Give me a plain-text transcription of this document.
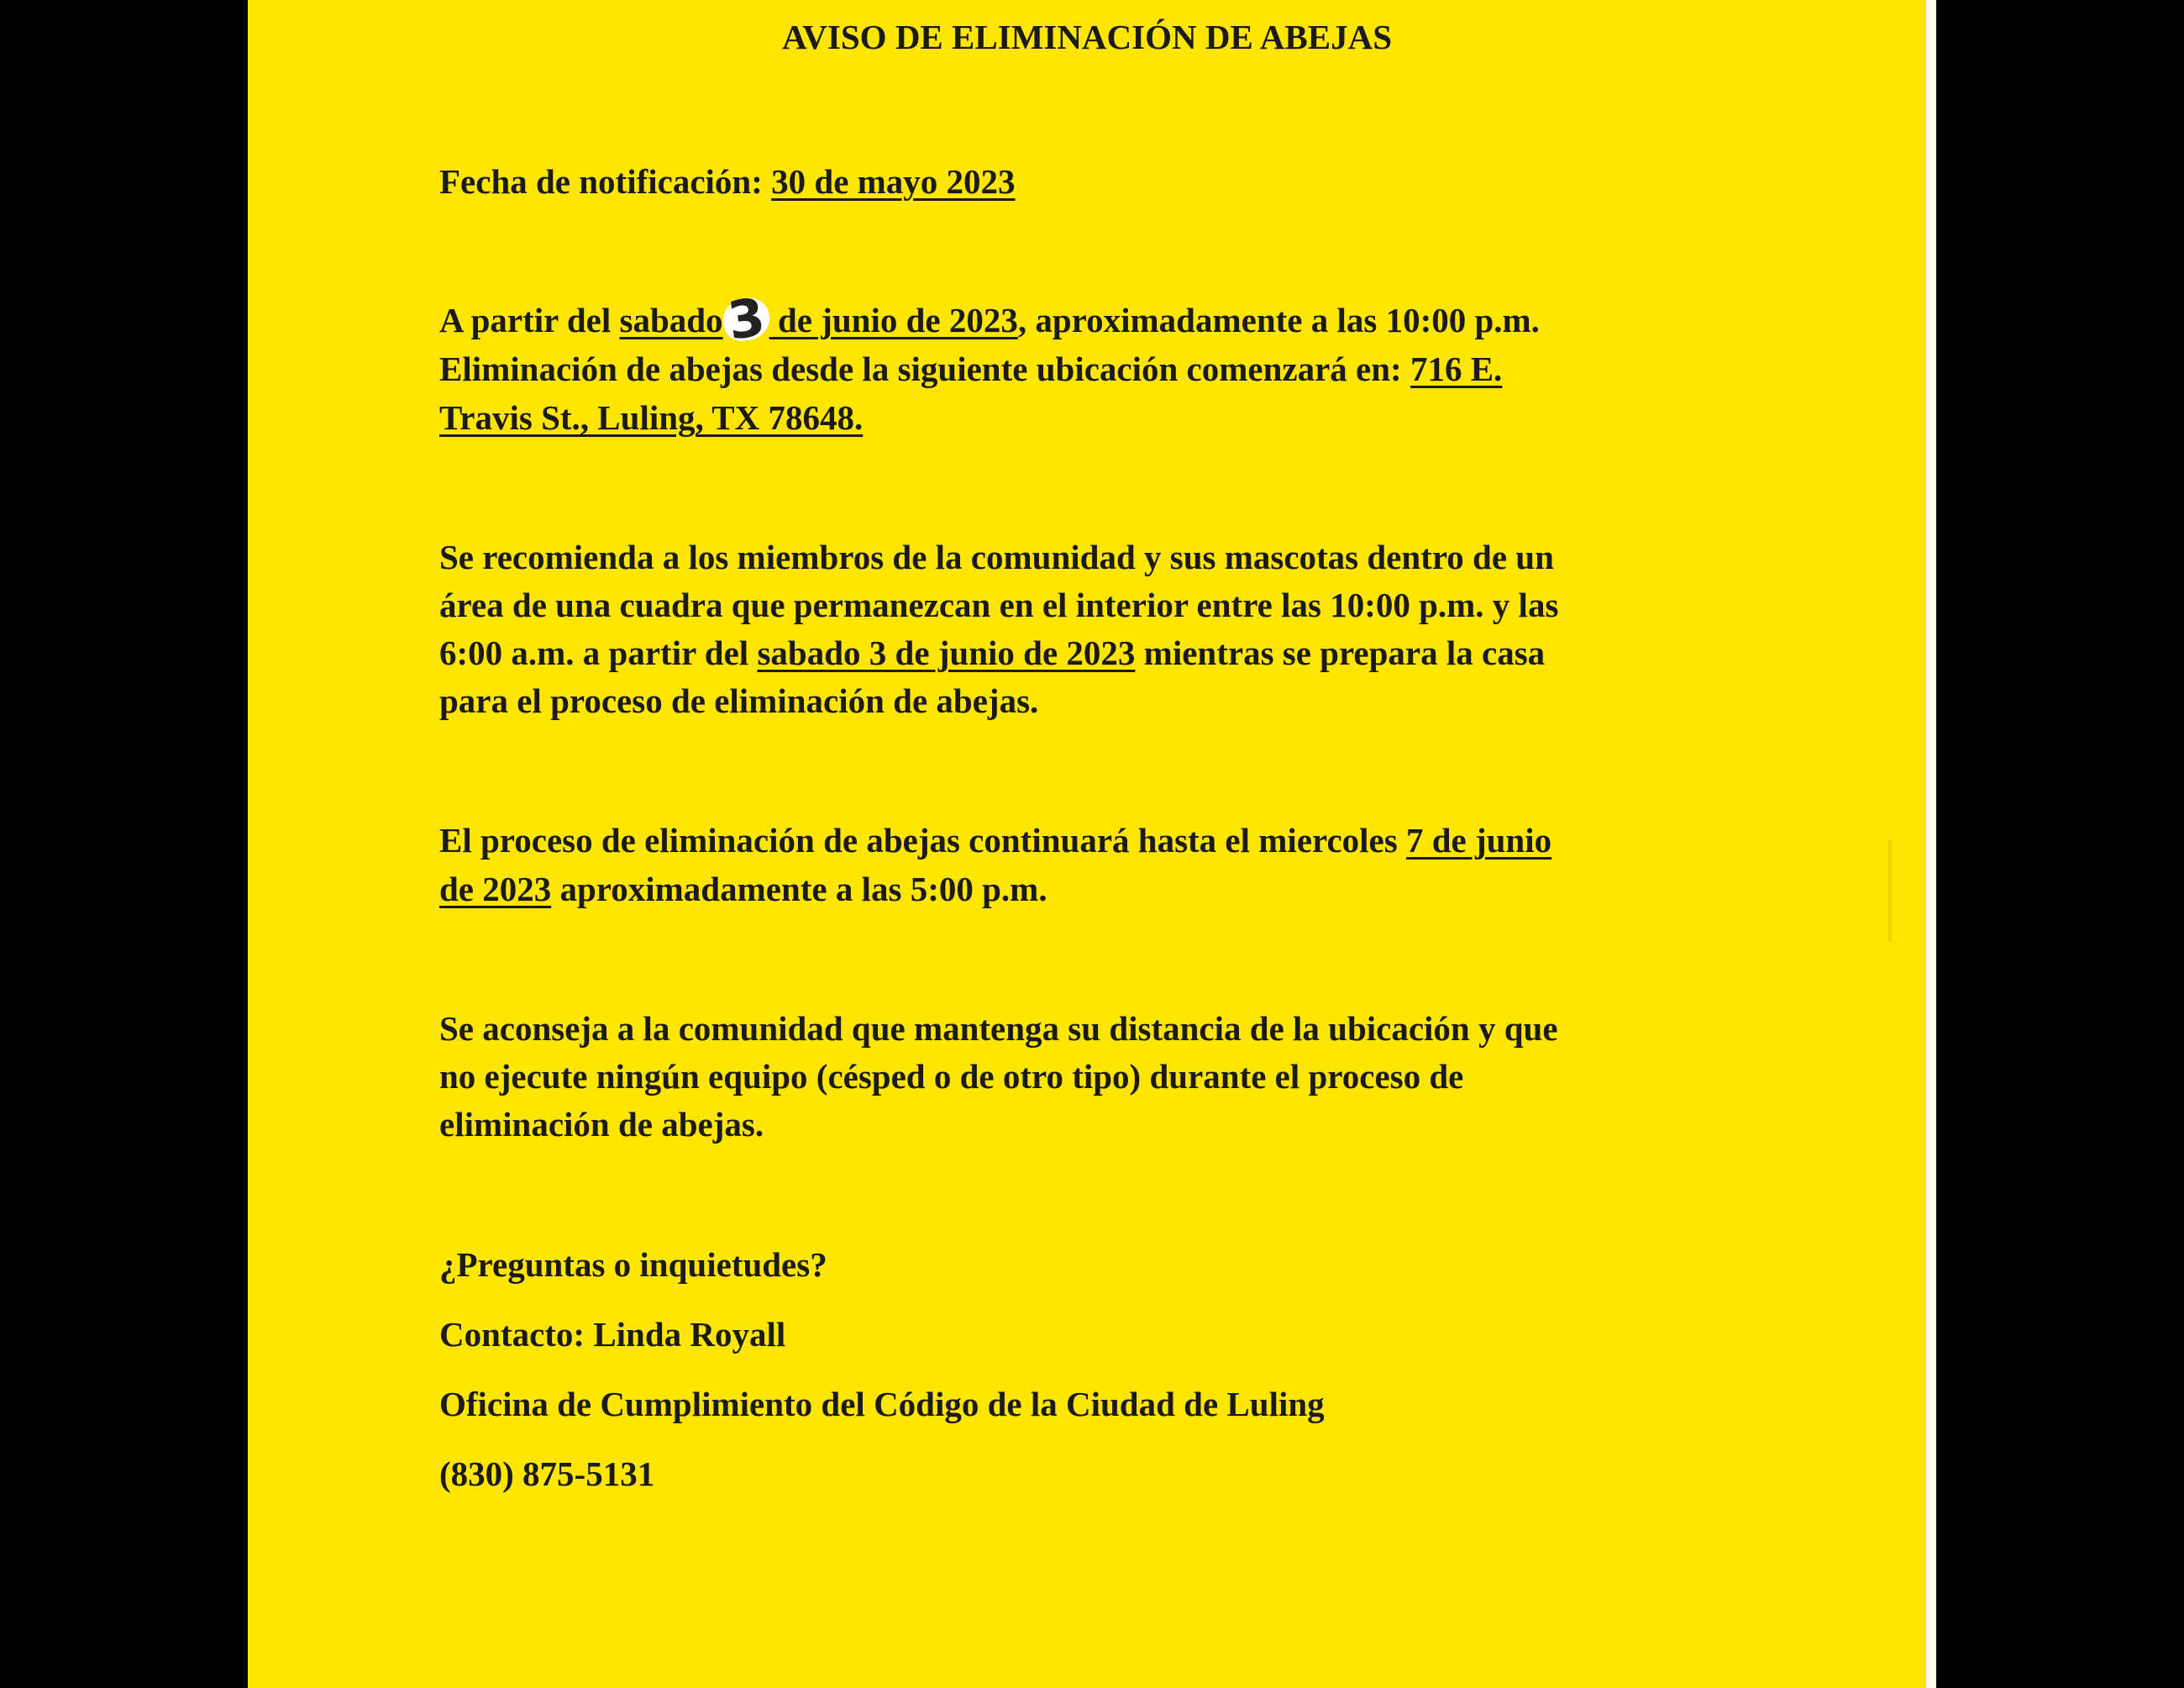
AVISO DE ELIMINACIÓN DE ABEJAS
Fecha de notificación: 30 de mayo 2023
A partir del sabado3 de junio de 2023, aproximadamente a las 10:00 p.m.
Eliminación de abejas desde la siguiente ubicación comenzará en: 716 E.
Travis St., Luling, TX 78648.
Se recomienda a los miembros de la comunidad y sus mascotas dentro de un
área de una cuadra que permanezcan en el interior entre las 10:00 p.m. y las
6:00 a.m. a partir del sabado 3 de junio de 2023 mientras se prepara la casa
para el proceso de eliminación de abejas.
El proceso de eliminación de abejas continuará hasta el miercoles 7 de junio
de 2023 aproximadamente a las 5:00 p.m.
Se aconseja a la comunidad que mantenga su distancia de la ubicación y que
no ejecute ningún equipo (césped o de otro tipo) durante el proceso de
eliminación de abejas.
¿Preguntas o inquietudes?
Contacto: Linda Royall
Oficina de Cumplimiento del Código de la Ciudad de Luling
(830) 875-5131
